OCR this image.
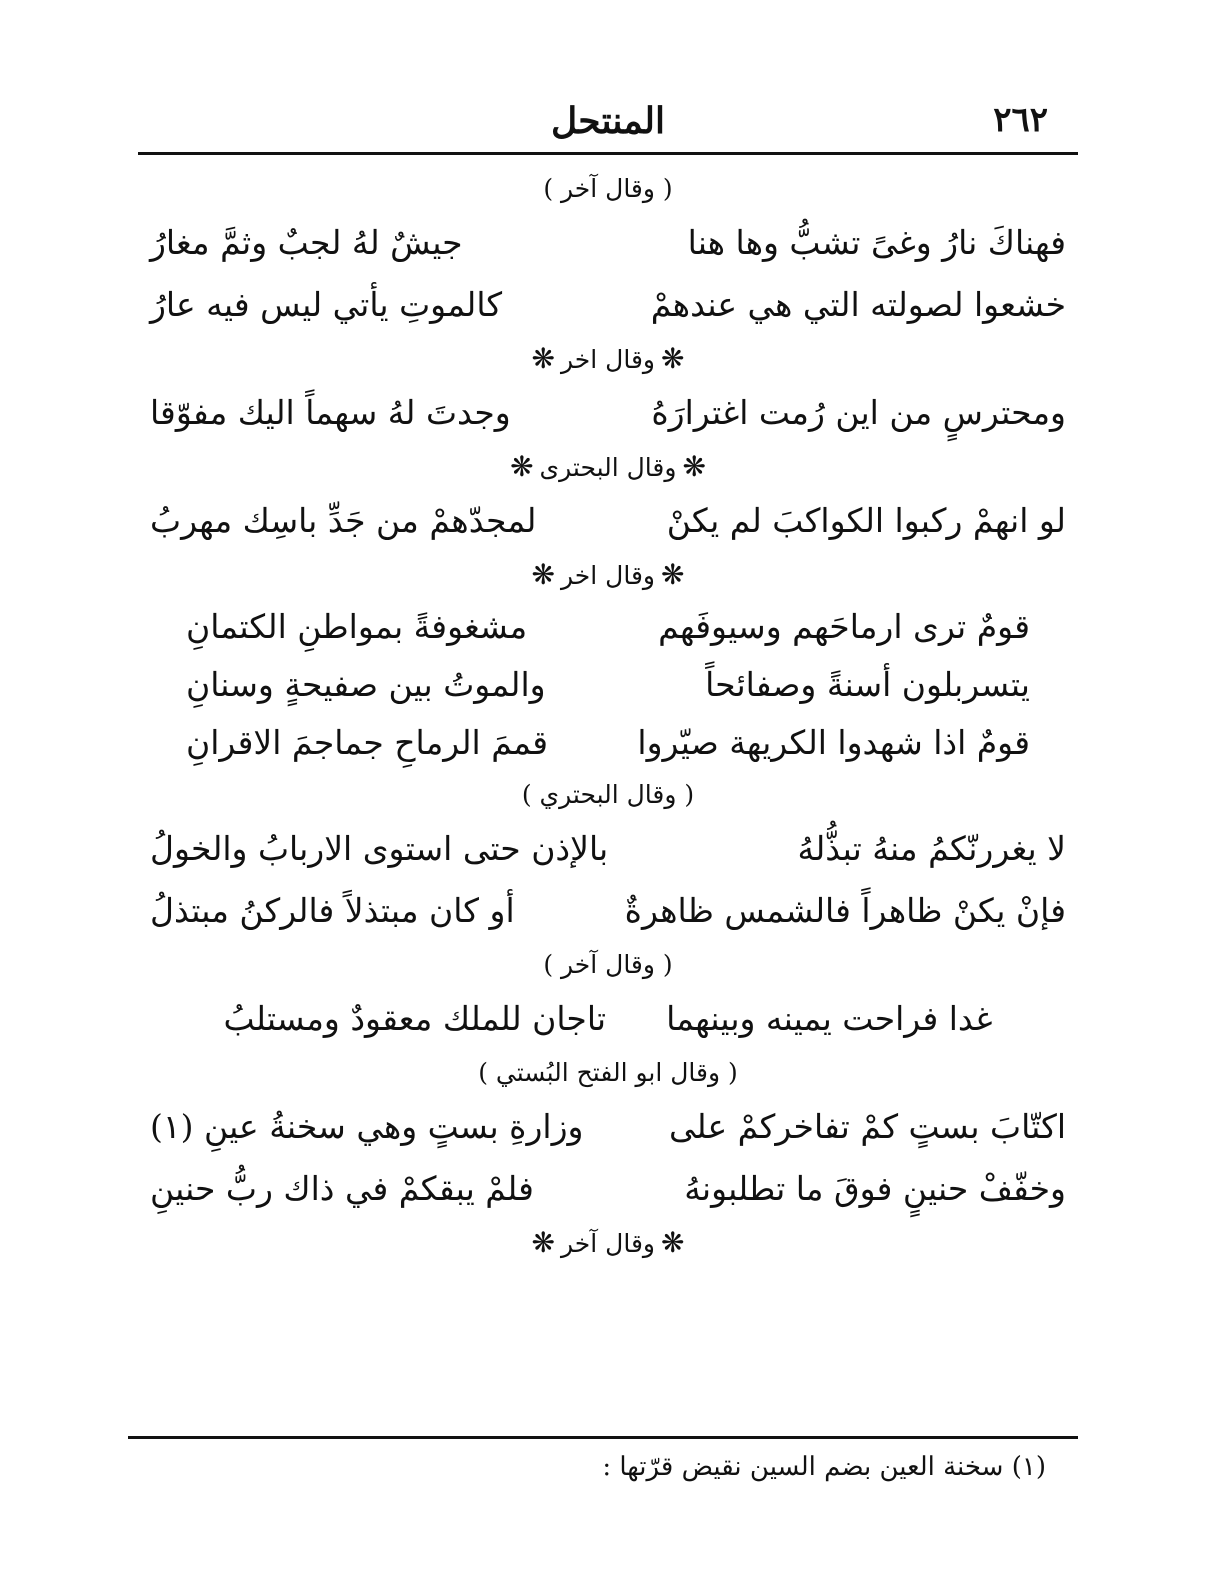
٢٦٢
المنتحل
( وقال آخر )
فهناكَ نارُ وغىً تشبُّ وها هنا
جيشٌ لهُ لجبٌ وثمَّ مغارُ
خشعوا لصولته التي هي عندهمْ
كالموتِ يأتي ليس فيه عارُ
❋وقال اخر❋
ومحترسٍ من اين رُمت اغترارَهُ
وجدتَ لهُ سهماً اليك مفوّقا
❋وقال البحترى❋
لو انهمْ ركبوا الكواكبَ لم يكنْ
لمجدّهمْ من جَدِّ باسِك مهربُ
❋وقال اخر❋
قومٌ ترى ارماحَهم وسيوفَهم
مشغوفةً بمواطنِ الكتمانِ
يتسربلون أسنةً وصفائحاً
والموتُ بين صفيحةٍ وسنانِ
قومٌ اذا شهدوا الكريهة صيّروا
قممَ الرماحِ جماجمَ الاقرانِ
( وقال البحتري )
لا يغررنّكمُ منهُ تبذُّلهُ
بالإذن حتى استوى الاربابُ والخولُ
فإنْ يكنْ ظاهراً فالشمس ظاهرةٌ
أو كان مبتذلاً فالركنُ مبتذلُ
( وقال آخر )
غدا فراحت يمينه وبينهما
تاجان للملك معقودٌ ومستلبُ
( وقال ابو الفتح البُستي )
اكتّابَ بستٍ كمْ تفاخركمْ على
وزارةِ بستٍ وهي سخنةُ عينِ (١)
وخفّفْ حنينٍ فوقَ ما تطلبونهُ
فلمْ يبقكمْ في ذاك ربُّ حنينِ
❋وقال آخر❋
(١) سخنة العين بضم السين نقيض قرّتها :
